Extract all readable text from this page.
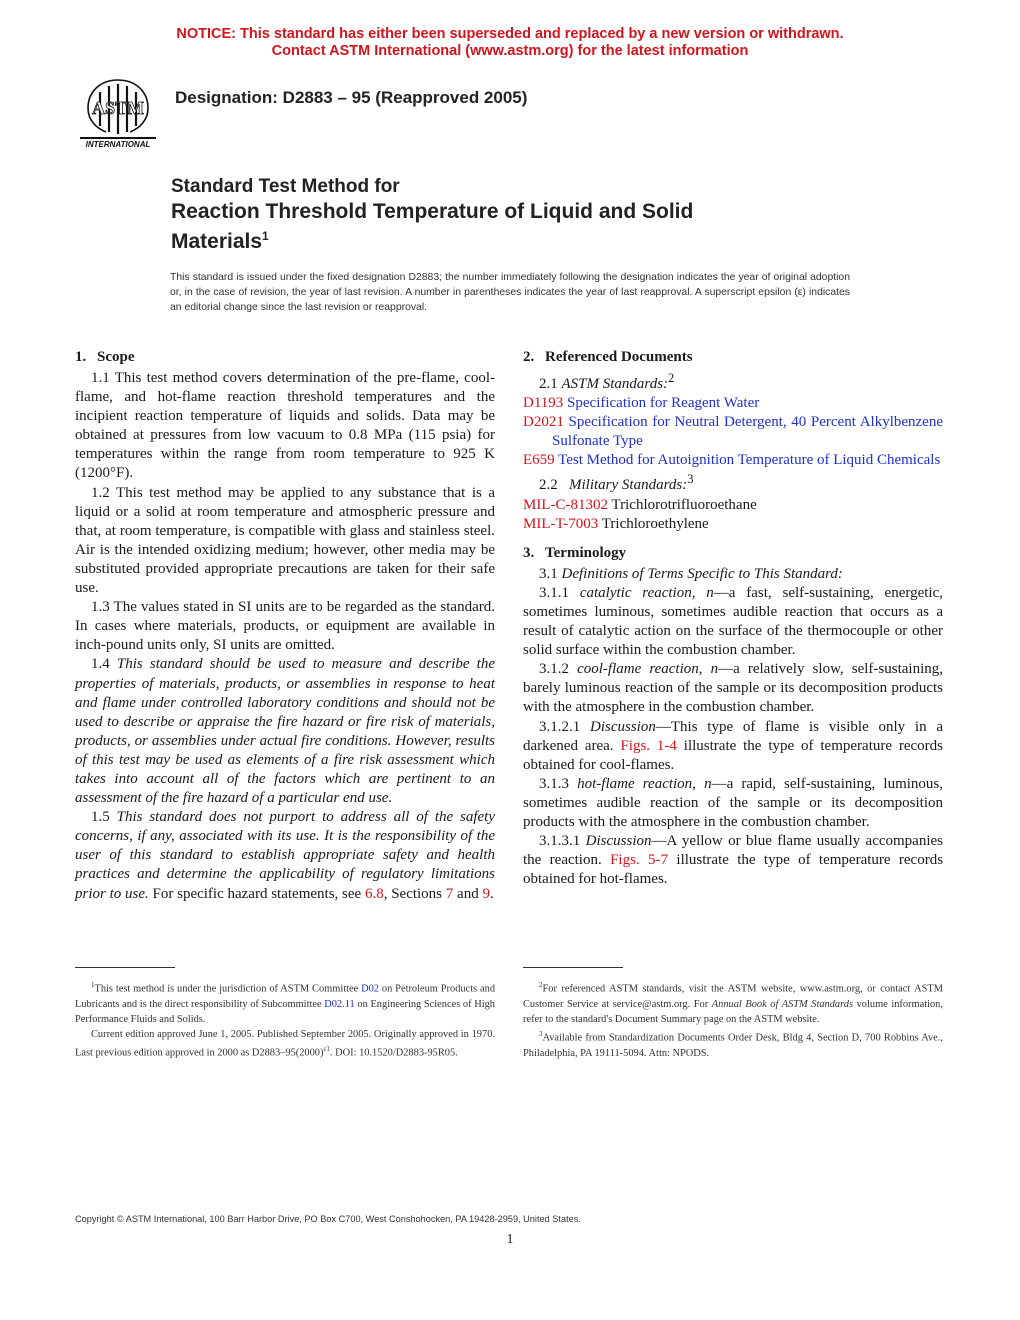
NOTICE: This standard has either been superseded and replaced by a new version or withdrawn.
Contact ASTM International (www.astm.org) for the latest information
ASTM
INTERNATIONAL
Designation: D2883 – 95 (Reapproved 2005)
Standard Test Method for
Reaction Threshold Temperature of Liquid and Solid
Materials$^1$
This standard is issued under the fixed designation D2883; the number immediately following the designation indicates the year of original adoption or, in the case of revision, the year of last revision. A number in parentheses indicates the year of last reapproval. A superscript epsilon (ε) indicates an editorial change since the last revision or reapproval.
1. Scope

1.1 This test method covers determination of the pre-flame, cool-flame, and hot-flame reaction threshold temperatures and the incipient reaction temperature of liquids and solids. Data may be obtained at pressures from low vacuum to 0.8 MPa (115 psia) for temperatures within the range from room temperature to 925 K (1200°F).

1.2 This test method may be applied to any substance that is a liquid or a solid at room temperature and atmospheric pressure and that, at room temperature, is compatible with glass and stainless steel. Air is the intended oxidizing medium; however, other media may be substituted provided appropriate precautions are taken for their safe use.

1.3 The values stated in SI units are to be regarded as the standard. In cases where materials, products, or equipment are available in inch-pound units only, SI units are omitted.

1.4 This standard should be used to measure and describe the properties of materials, products, or assemblies in response to heat and flame under controlled laboratory conditions and should not be used to describe or appraise the fire hazard or fire risk of materials, products, or assemblies under actual fire conditions. However, results of this test may be used as elements of a fire risk assessment which takes into account all of the factors which are pertinent to an assessment of the fire hazard of a particular end use.

1.5 This standard does not purport to address all of the safety concerns, if any, associated with its use. It is the responsibility of the user of this standard to establish appropriate safety and health practices and determine the applicability of regulatory limitations prior to use. For specific hazard statements, see 6.8, Sections 7 and 9.

2. Referenced Documents

2.1 ASTM Standards:$^2$

D1193 Specification for Reagent Water

D2021 Specification for Neutral Detergent, 40 Percent Alkylbenzene Sulfonate Type

E659 Test Method for Autoignition Temperature of Liquid Chemicals

2.2 Military Standards:$^3$

MIL-C-81302 Trichlorotrifluoroethane

MIL-T-7003 Trichloroethylene

3. Terminology

3.1 Definitions of Terms Specific to This Standard:

3.1.1 catalytic reaction, n—a fast, self-sustaining, energetic, sometimes luminous, sometimes audible reaction that occurs as a result of catalytic action on the surface of the thermocouple or other solid surface within the combustion chamber.

3.1.2 cool-flame reaction, n—a relatively slow, self-sustaining, barely luminous reaction of the sample or its decomposition products with the atmosphere in the combustion chamber.

3.1.2.1 Discussion—This type of flame is visible only in a darkened area. Figs. 1-4 illustrate the type of temperature records obtained for cool-flames.

3.1.3 hot-flame reaction, n—a rapid, self-sustaining, luminous, sometimes audible reaction of the sample or its decomposition products with the atmosphere in the combustion chamber.

3.1.3.1 Discussion—A yellow or blue flame usually accompanies the reaction. Figs. 5-7 illustrate the type of temperature records obtained for hot-flames.

$^1$This test method is under the jurisdiction of ASTM Committee D02 on Petroleum Products and Lubricants and is the direct responsibility of Subcommittee D02.11 on Engineering Sciences of High Performance Fluids and Solids.

Current edition approved June 1, 2005. Published September 2005. Originally approved in 1970. Last previous edition approved in 2000 as $D2883-95(2000)^{\varepsilon 1}$. DOI: 10.1520/D2883-95R05.

$^2$For referenced ASTM standards, visit the ASTM website, www.astm.org, or contact ASTM Customer Service at service@astm.org. For Annual Book of ASTM Standards volume information, refer to the standard's Document Summary page on the ASTM website.

$^3$Available from Standardization Documents Order Desk, Bldg 4, Section D, 700 Robbins Ave., Philadelphia, PA 19111-5094. Attn: NPODS.

Copyright © ASTM International, 100 Barr Harbor Drive, PO Box C700, West Conshohocken, PA 19428-2959, United States.
1
